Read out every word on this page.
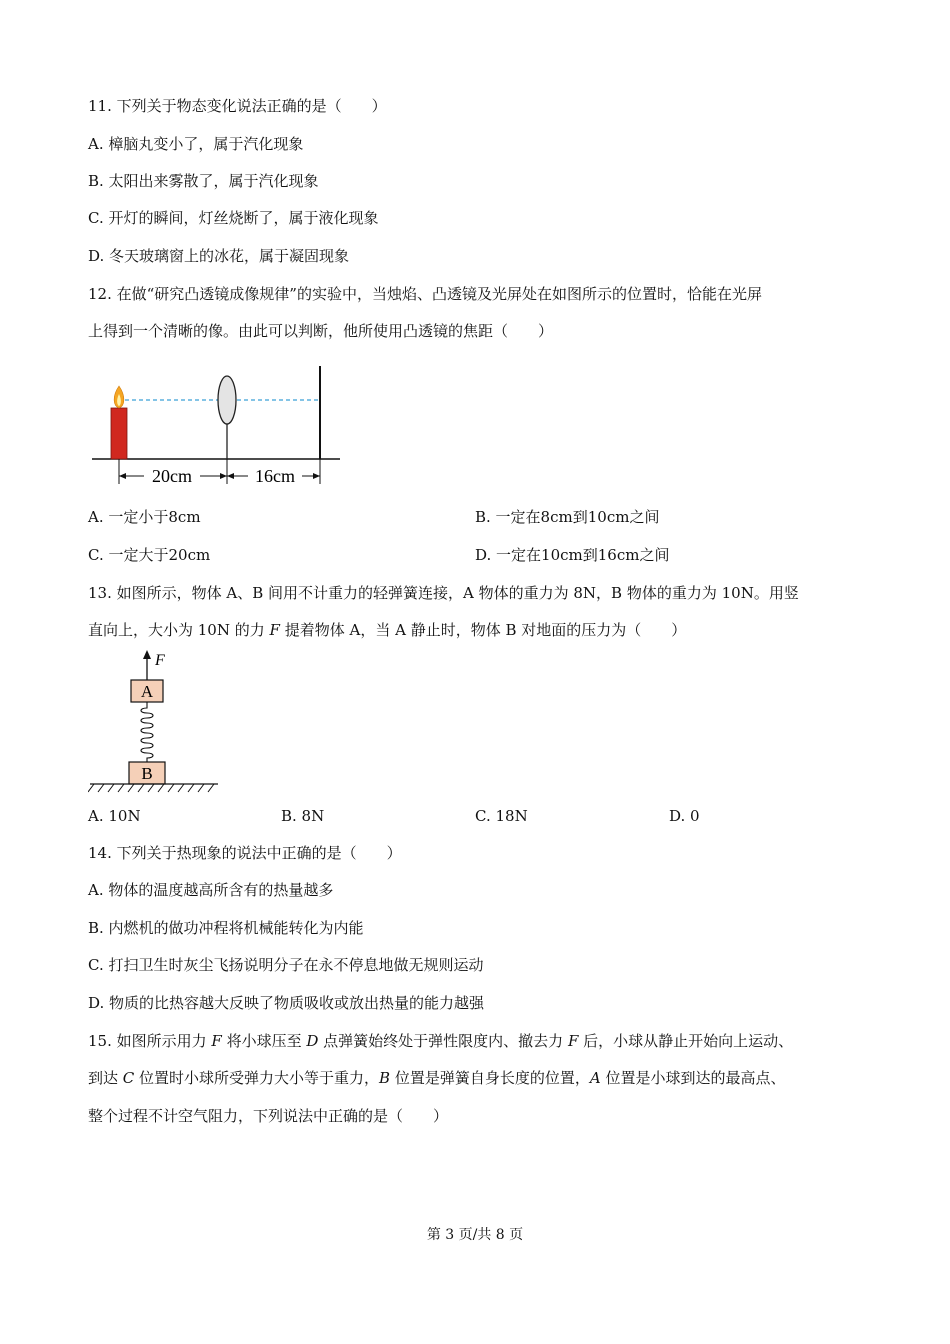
11. 下列关于物态变化说法正确的是（　　）
A. 樟脑丸变小了，属于汽化现象
B. 太阳出来雾散了，属于汽化现象
C. 开灯的瞬间，灯丝烧断了，属于液化现象
D. 冬天玻璃窗上的冰花，属于凝固现象
12. 在做“研究凸透镜成像规律”的实验中，当烛焰、凸透镜及光屏处在如图所示的位置时，恰能在光屏
上得到一个清晰的像。由此可以判断，他所使用凸透镜的焦距（　　）
20cm	16cm
A. 一定小于8cm	B. 一定在8cm到10cm之间
C. 一定大于20cm	D. 一定在10cm到16cm之间
13. 如图所示，物体 A、B 间用不计重力的轻弹簧连接，A 物体的重力为 8N，B 物体的重力为 10N。用竖
直向上，大小为 10N 的力 F 提着物体 A，当 A 静止时，物体 B 对地面的压力为（　　）
F
A
B
A. 10N	B. 8N	C. 18N	D. 0
14. 下列关于热现象的说法中正确的是（　　）
A. 物体的温度越高所含有的热量越多
B. 内燃机的做功冲程将机械能转化为内能
C. 打扫卫生时灰尘飞扬说明分子在永不停息地做无规则运动
D. 物质的比热容越大反映了物质吸收或放出热量的能力越强
15. 如图所示用力 F 将小球压至 D 点弹簧始终处于弹性限度内、撤去力 F 后，小球从静止开始向上运动、
到达 C 位置时小球所受弹力大小等于重力，B 位置是弹簧自身长度的位置，A 位置是小球到达的最高点、
整个过程不计空气阻力，下列说法中正确的是（　　）
第 3 页/共 8 页
